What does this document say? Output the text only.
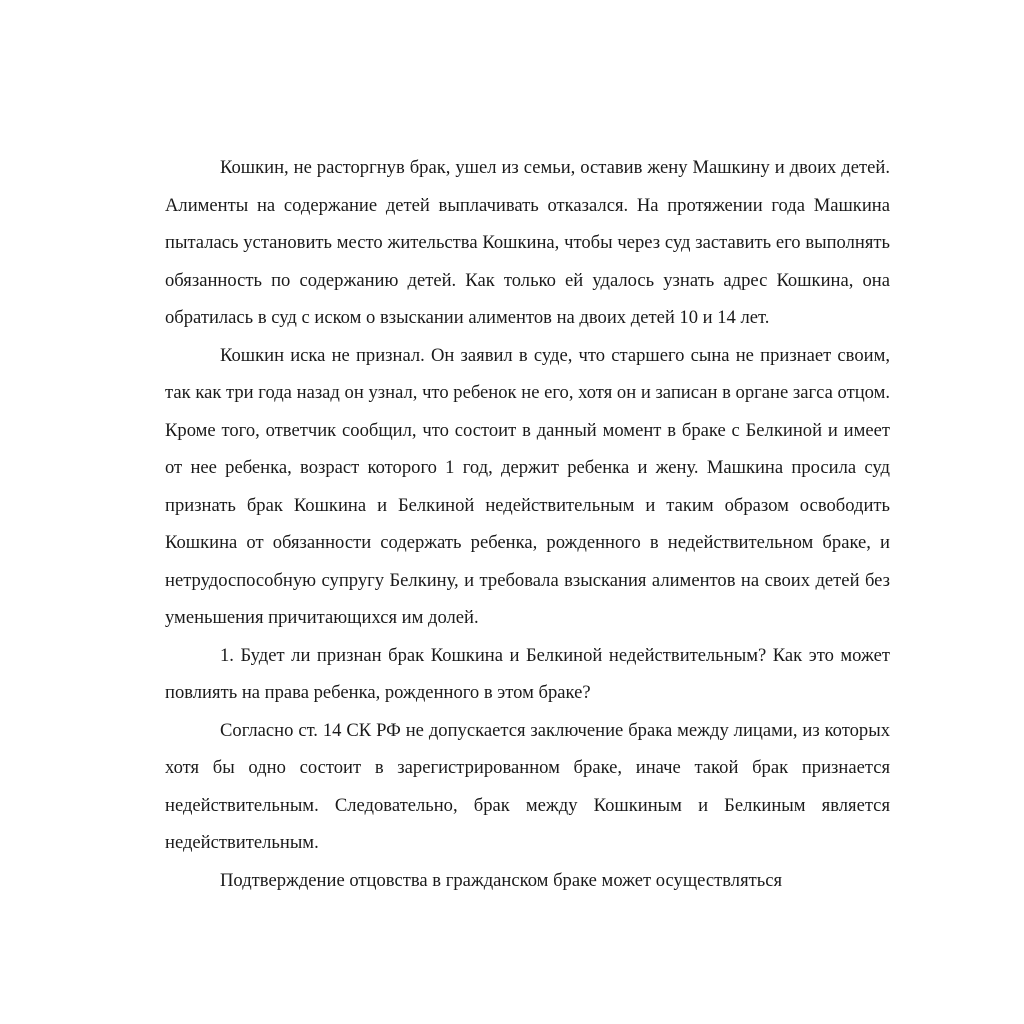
Кошкин, не расторгнув брак, ушел из семьи, оставив жену Машкину и двоих детей. Алименты на содержание детей выплачивать отказался. На протяжении года Машкина пыталась установить место жительства Кошкина, чтобы через суд заставить его выполнять обязанность по содержанию детей. Как только ей удалось узнать адрес Кошкина, она обратилась в суд с иском о взыскании алиментов на двоих детей 10 и 14 лет.

Кошкин иска не признал. Он заявил в суде, что старшего сына не признает своим, так как три года назад он узнал, что ребенок не его, хотя он и записан в органе загса отцом. Кроме того, ответчик сообщил, что состоит в данный момент в браке с Белкиной и имеет от нее ребенка, возраст которого 1 год, держит ребенка и жену. Машкина просила суд признать брак Кошкина и Белкиной недействительным и таким образом освободить Кошкина от обязанности содержать ребенка, рожденного в недействительном браке, и нетрудоспособную супругу Белкину, и требовала взыскания алиментов на своих детей без уменьшения причитающихся им долей.

1. Будет ли признан брак Кошкина и Белкиной недействительным? Как это может повлиять на права ребенка, рожденного в этом браке?

Согласно ст. 14 СК РФ не допускается заключение брака между лицами, из которых хотя бы одно состоит в зарегистрированном браке, иначе такой брак признается недействительным. Следовательно, брак между Кошкиным и Белкиным является недействительным.

Подтверждение отцовства в гражданском браке может осуществляться
